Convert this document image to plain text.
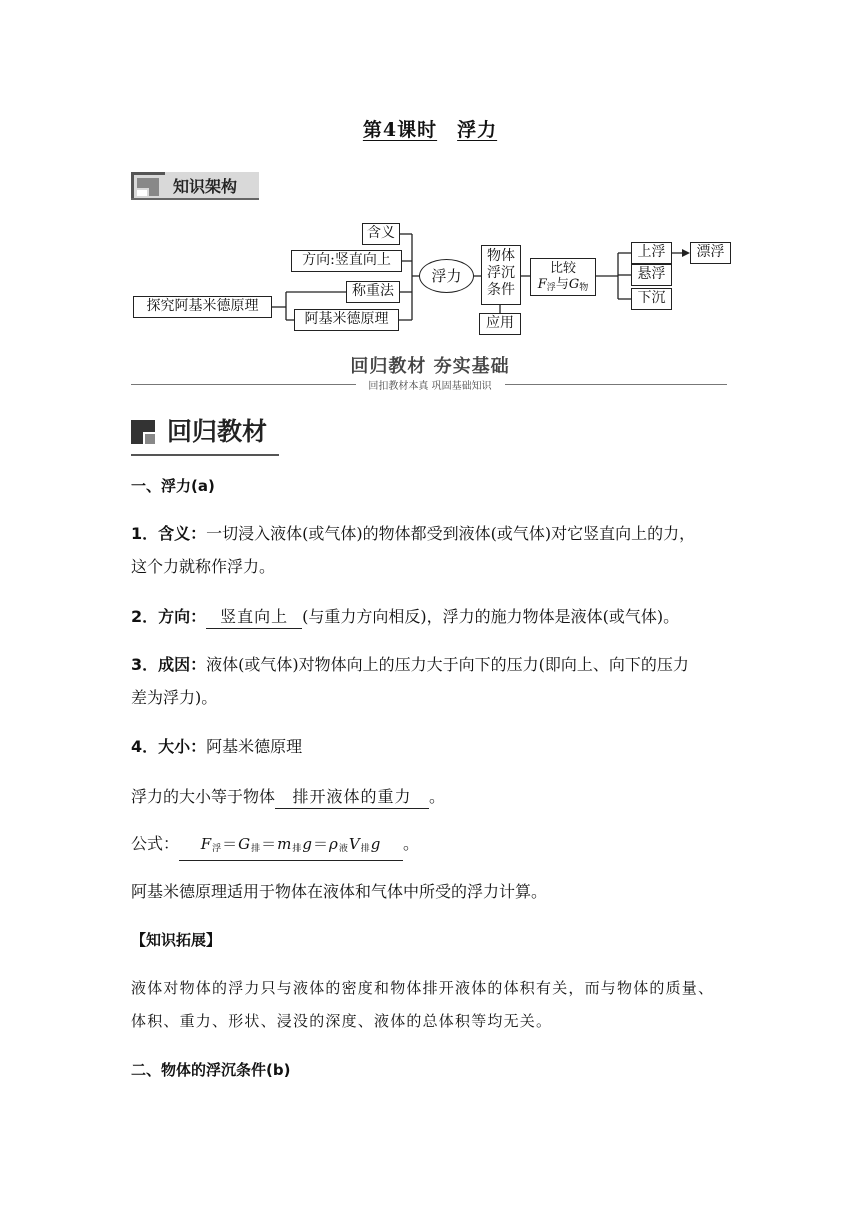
第4课时 浮力
知识架构
含义
方向:竖直向上
称重法
阿基米德原理
探究阿基米德原理
浮力
物体
浮沉
条件
应用
比较
$F_浮$与$G_物$
上浮	漂浮
悬浮
下沉
回归教材 夯实基础
回扣教材本真 巩固基础知识
回归教材
一、浮力(a)
1．含义：一切浸入液体(或气体)的物体都受到液体(或气体)对它竖直向上的力，
这个力就称作浮力。
2．方向： 竖直向上 (与重力方向相反)，浮力的施力物体是液体(或气体)。
3．成因：液体(或气体)对物体向上的压力大于向下的压力(即向上、向下的压力
差为浮力)。
4．大小：阿基米德原理
浮力的大小等于物体 排开液体的重力 。
公式： $F_浮=G_排=m_排g=\rho_液V_排g$ 。
阿基米德原理适用于物体在液体和气体中所受的浮力计算。
【知识拓展】
液体对物体的浮力只与液体的密度和物体排开液体的体积有关，而与物体的质量、
体积、重力、形状、浸没的深度、液体的总体积等均无关。
二、物体的浮沉条件(b)
